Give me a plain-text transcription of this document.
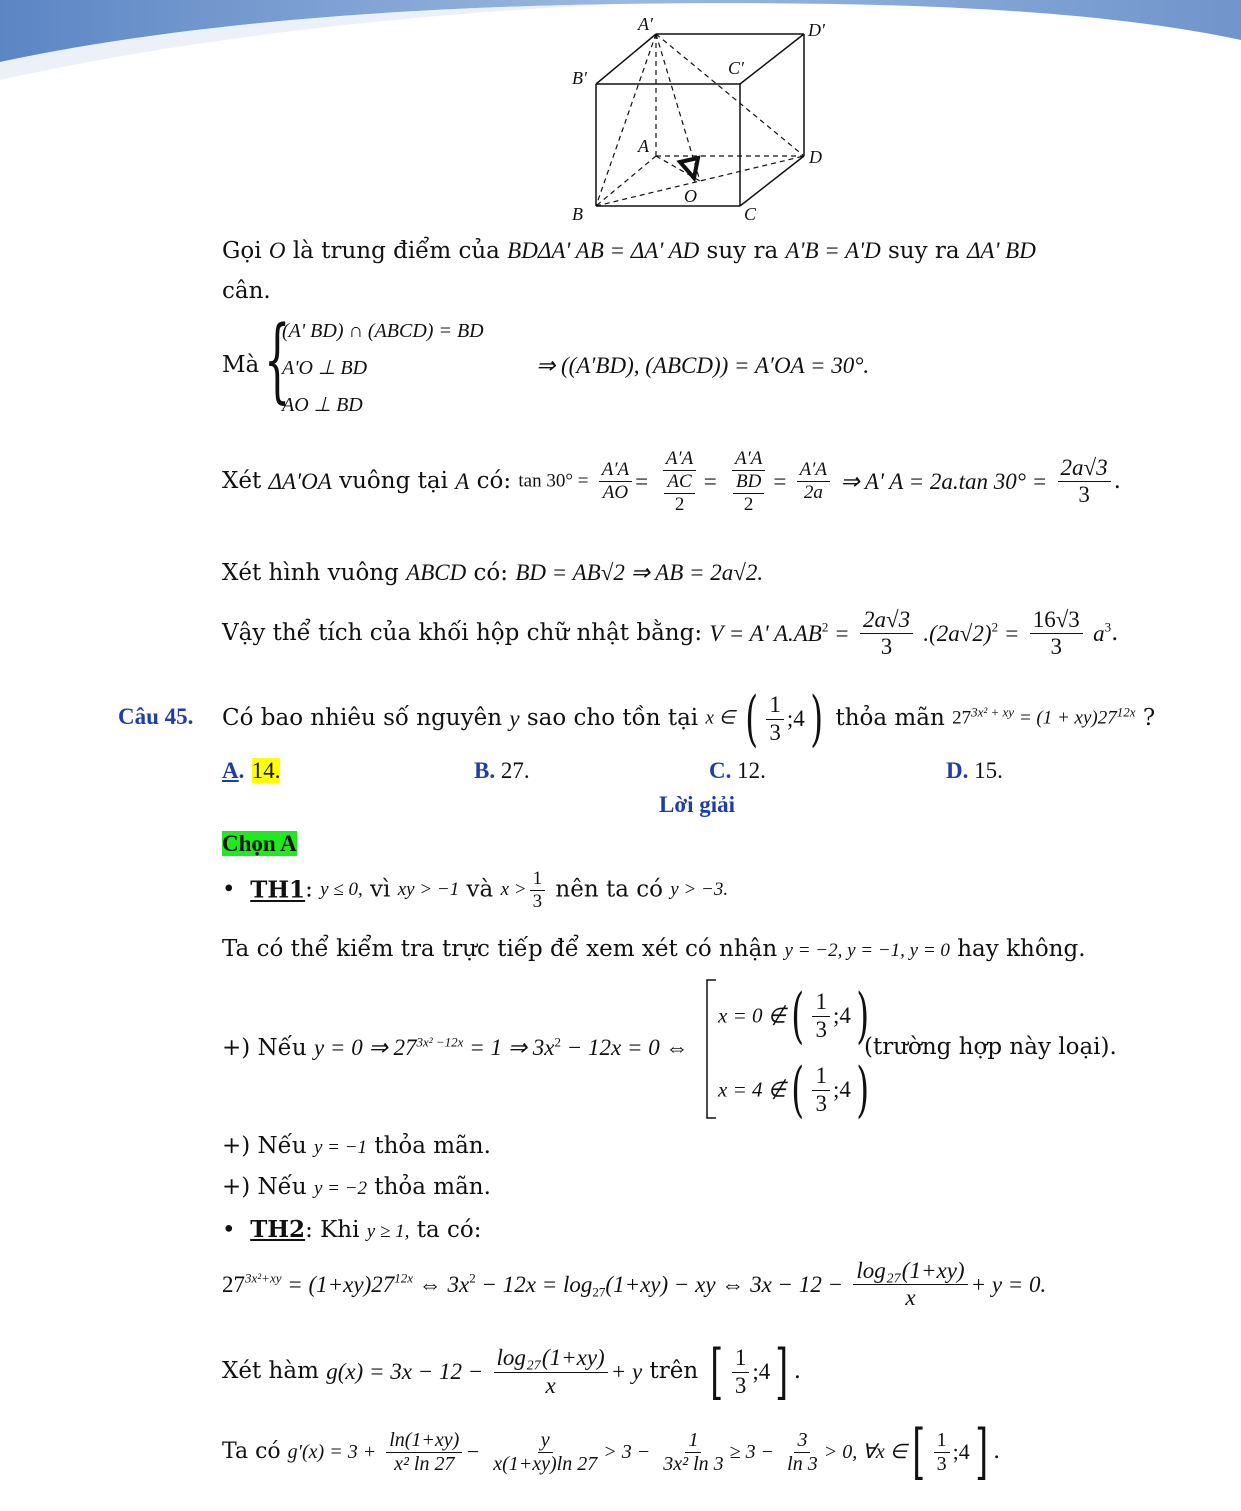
A′	D′
B′	C′
A
D
O
B	C
Gọi O là trung điểm của BDΔA' AB = ΔA' AD suy ra A'B = A'D suy ra ΔA' BD
cân.
Mà {
(A' BD) ∩ (ABCD) = BD
A'O ⊥ BD
AO ⊥ BD
⇒ ((A′BD), (ABCD)) = A′OA = 30°.
Xét ΔA′OA vuông tại A có: $\tan 30^\circ = \frac{A'A}{AO} = \frac{A'A}{\frac{AC}{2}} = \frac{A'A}{\frac{BD}{2}} = \frac{A'A}{2a}$ ⇒ A' A = 2a.tan $30^\circ = \frac{2a√3}{3}$ .
Xét hình vuông ABCD có: BD = AB√2 ⇒ AB = 2a√2.
Vậy thể tích của khối hộp chữ nhật bằng: V = A' $A.AB^2 = \frac{2a√3}{3} .(2a√2)^2 = \frac{16√3}{3} a^3$.
Câu 45. Có bao nhiêu số nguyên y sao cho tồn tại x ∈ ( $\frac{1}{3}$ ;4) thỏa mãn $27^{3x^2 + xy} = (1 + xy)27^{12x}$ ?
A. 14.	B. 27.	C. 12.	D. 15.
Lời giải
Chọn A
• TH1: y ≤ 0, vì xy > −1 và $x > \frac{1}{3}$ nên ta có y > −3.
Ta có thể kiểm tra trực tiếp để xem xét có nhận y = −2, y = −1, y = 0 hay không.
+) Nếu y = 0 ⇒ $27^{3x^2 -12x} = 1$ ⇒ $3x^2 - 12x = 0$ ⇔
x = 0 ∉( $\frac{1}{3}$ ;4)
x = 4 ∉( $\frac{1}{3}$ ;4)
(trường hợp này loại).
+) Nếu y = −1 thỏa mãn.
+) Nếu y = −2 thỏa mãn.
• TH2: Khi y ≥ 1, ta có:
$27^{3x^2+xy} = (1+xy)27^{12x}$ ⇔ $3x^2 - 12x = \log_{27}(1+xy)$ − xy ⇔ $3x - 12 - \frac{\text{log₂₇(1+xy)}}{x} + y = 0$.
Xét hàm $g(x) = 3x - 12 - \frac{\text{log₂₇(1+xy)}}{x} + y$ trên [ $\frac{1}{3}$ ;4] .
Ta có $g'(x) = 3 + \frac{\ln(1+xy)}{\text{x² ln 27}} - \frac{y}{x(1+xy)\ln 27} > 3 - \frac{1}{\text{3x² ln 3}} \ge 3 - \frac{3}{\ln 3} > 0$, ∀x ∈[ $\frac{1}{3}$ ;4] .
